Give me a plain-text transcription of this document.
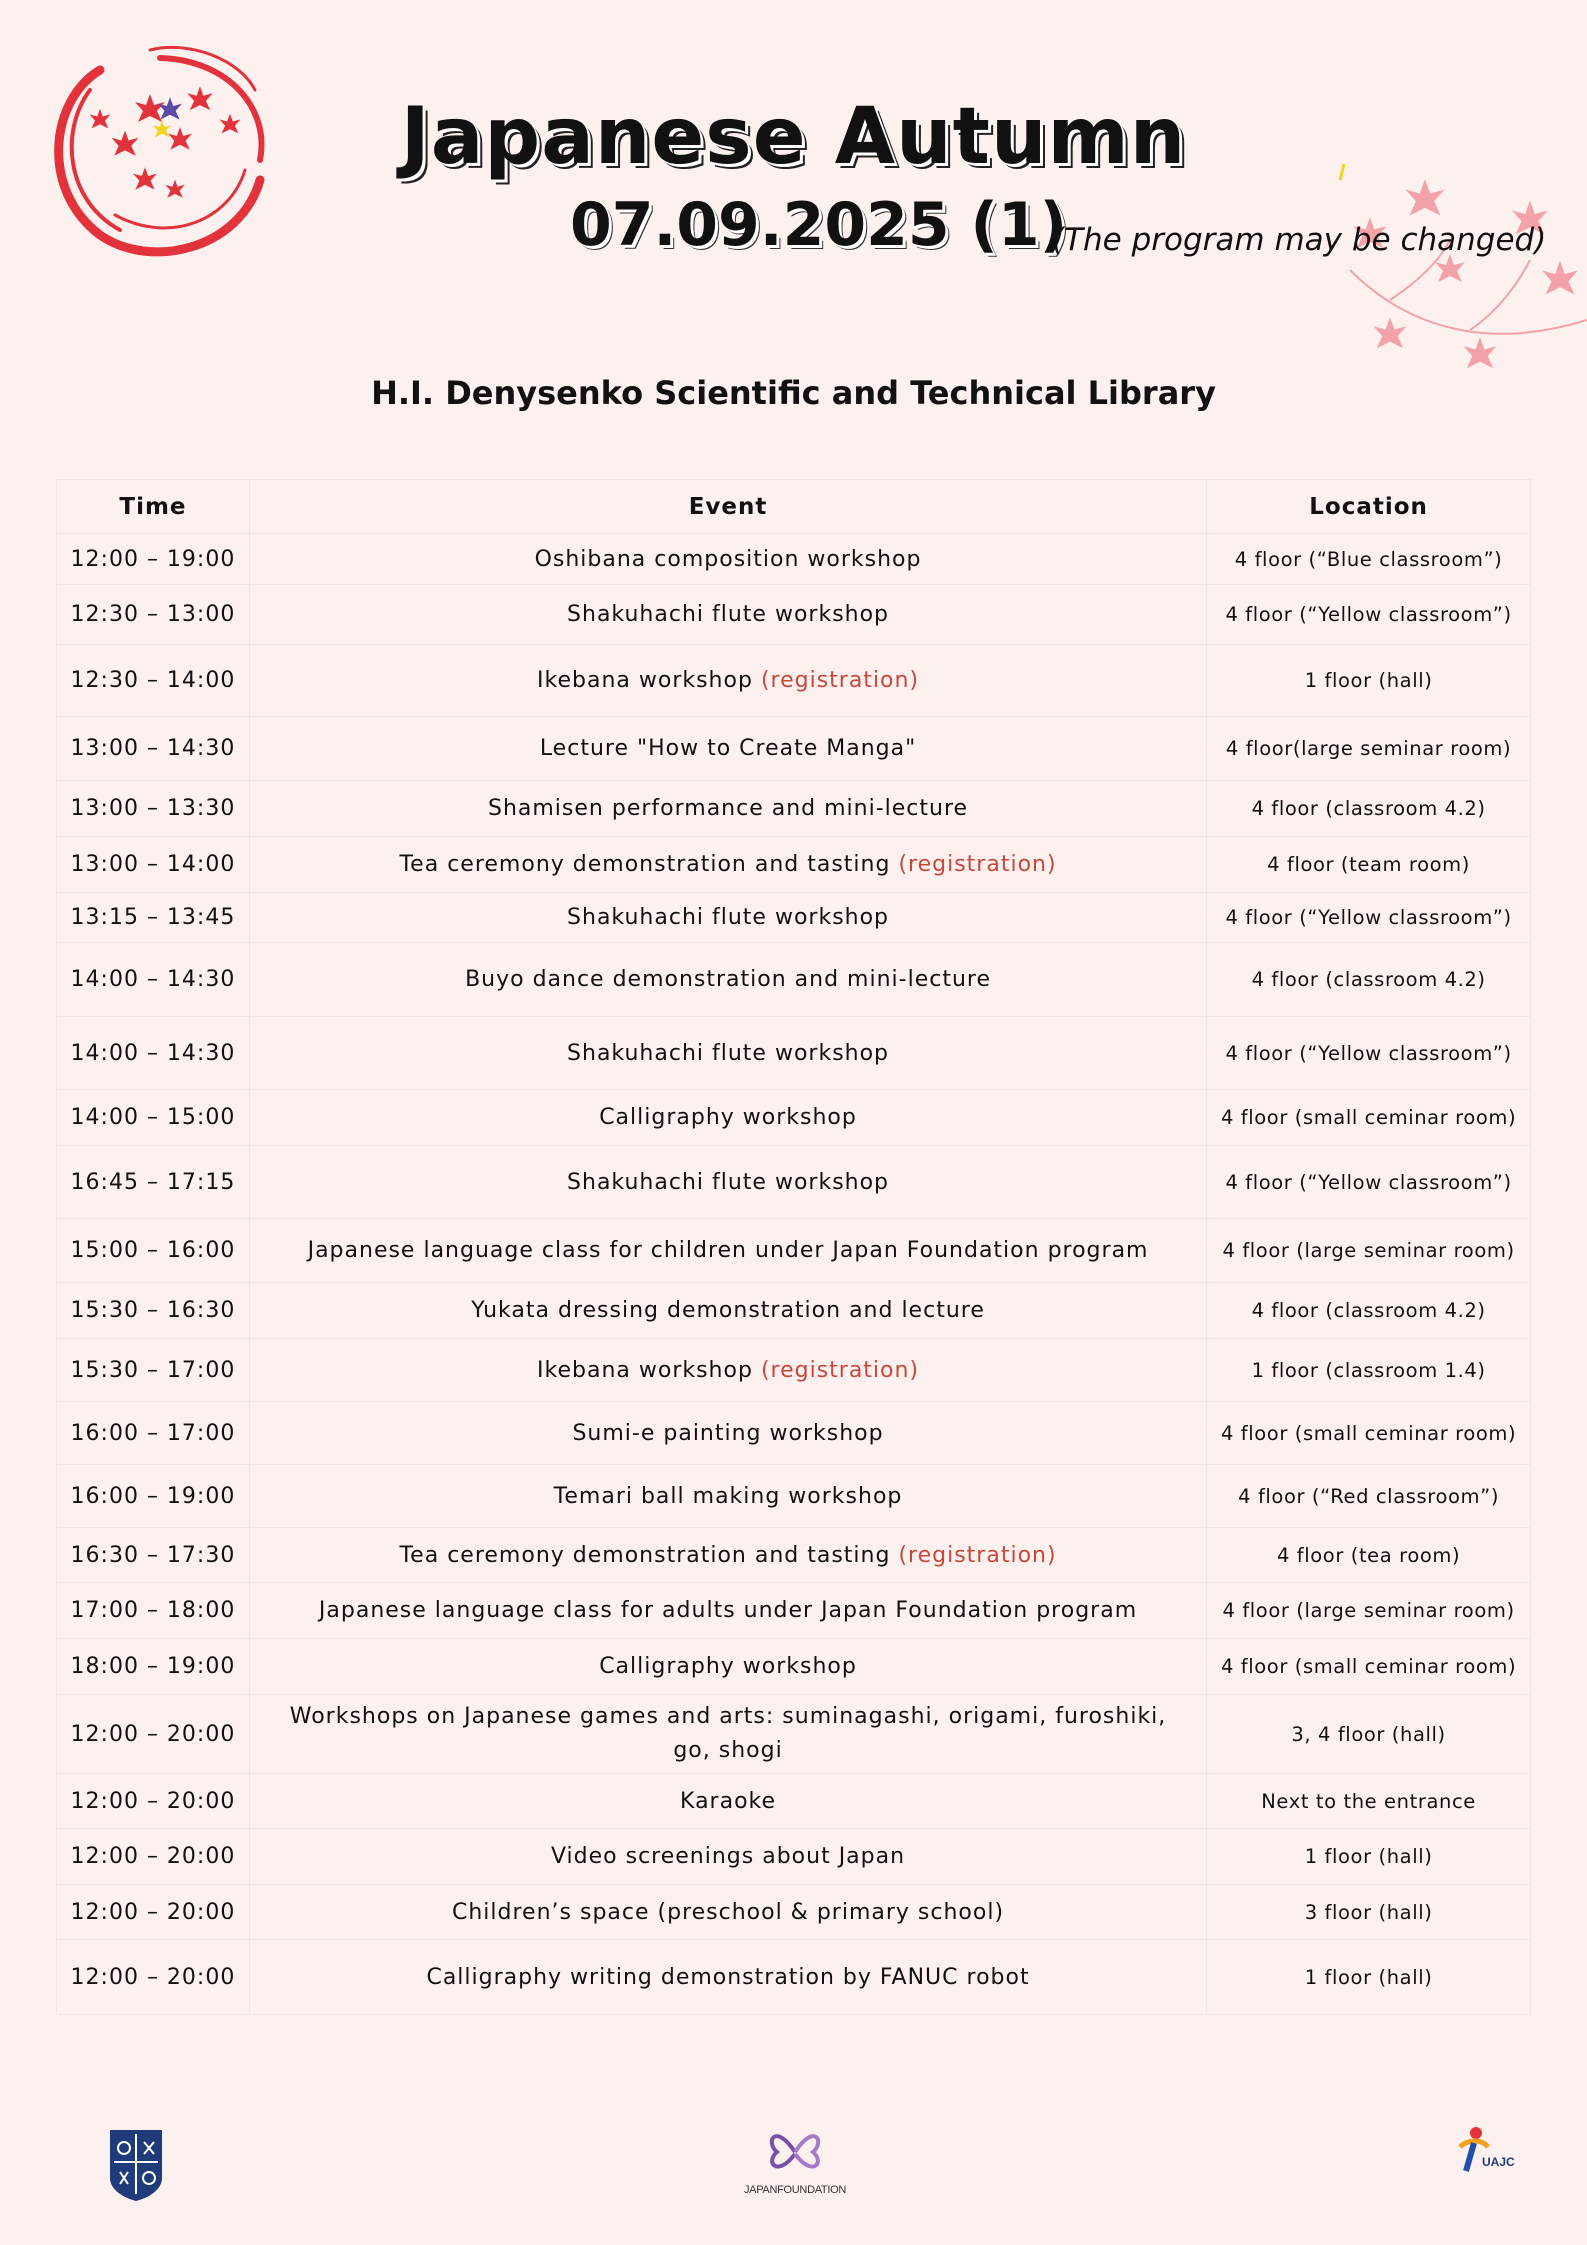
Japanese Autumn
07.09.2025 (1)
(The program may be changed)
H.I. Denysenko Scientific and Technical Library
Time	Event	Location
12:00 – 19:00	Oshibana composition workshop	4 floor (“Blue classroom”)
12:30 – 13:00	Shakuhachi flute workshop	4 floor (“Yellow classroom”)
12:30 – 14:00	Ikebana workshop (registration)	1 floor (hall)
13:00 – 14:30	Lecture "How to Create Manga"	4 floor(large seminar room)
13:00 – 13:30	Shamisen performance and mini-lecture	4 floor (classroom 4.2)
13:00 – 14:00	Tea ceremony demonstration and tasting (registration)	4 floor (team room)
13:15 – 13:45	Shakuhachi flute workshop	4 floor (“Yellow classroom”)
14:00 – 14:30	Buyo dance demonstration and mini-lecture	4 floor (classroom 4.2)
14:00 – 14:30	Shakuhachi flute workshop	4 floor (“Yellow classroom”)
14:00 – 15:00	Calligraphy workshop	4 floor (small ceminar room)
16:45 – 17:15	Shakuhachi flute workshop	4 floor (“Yellow classroom”)
15:00 – 16:00	Japanese language class for children under Japan Foundation program	4 floor (large seminar room)
15:30 – 16:30	Yukata dressing demonstration and lecture	4 floor (classroom 4.2)
15:30 – 17:00	Ikebana workshop (registration)	1 floor (classroom 1.4)
16:00 – 17:00	Sumi-e painting workshop	4 floor (small ceminar room)
16:00 – 19:00	Temari ball making workshop	4 floor (“Red classroom”)
16:30 – 17:30	Tea ceremony demonstration and tasting (registration)	4 floor (tea room)
17:00 – 18:00	Japanese language class for adults under Japan Foundation program	4 floor (large seminar room)
18:00 – 19:00	Calligraphy workshop	4 floor (small ceminar room)
12:00 – 20:00	Workshops on Japanese games and arts: suminagashi, origami, furoshiki, go, shogi	3, 4 floor (hall)
12:00 – 20:00	Karaoke	Next to the entrance
12:00 – 20:00	Video screenings about Japan	1 floor (hall)
12:00 – 20:00	Children’s space (preschool & primary school)	3 floor (hall)
12:00 – 20:00	Calligraphy writing demonstration by FANUC robot	1 floor (hall)
JAPANFOUNDATION
UAJC
